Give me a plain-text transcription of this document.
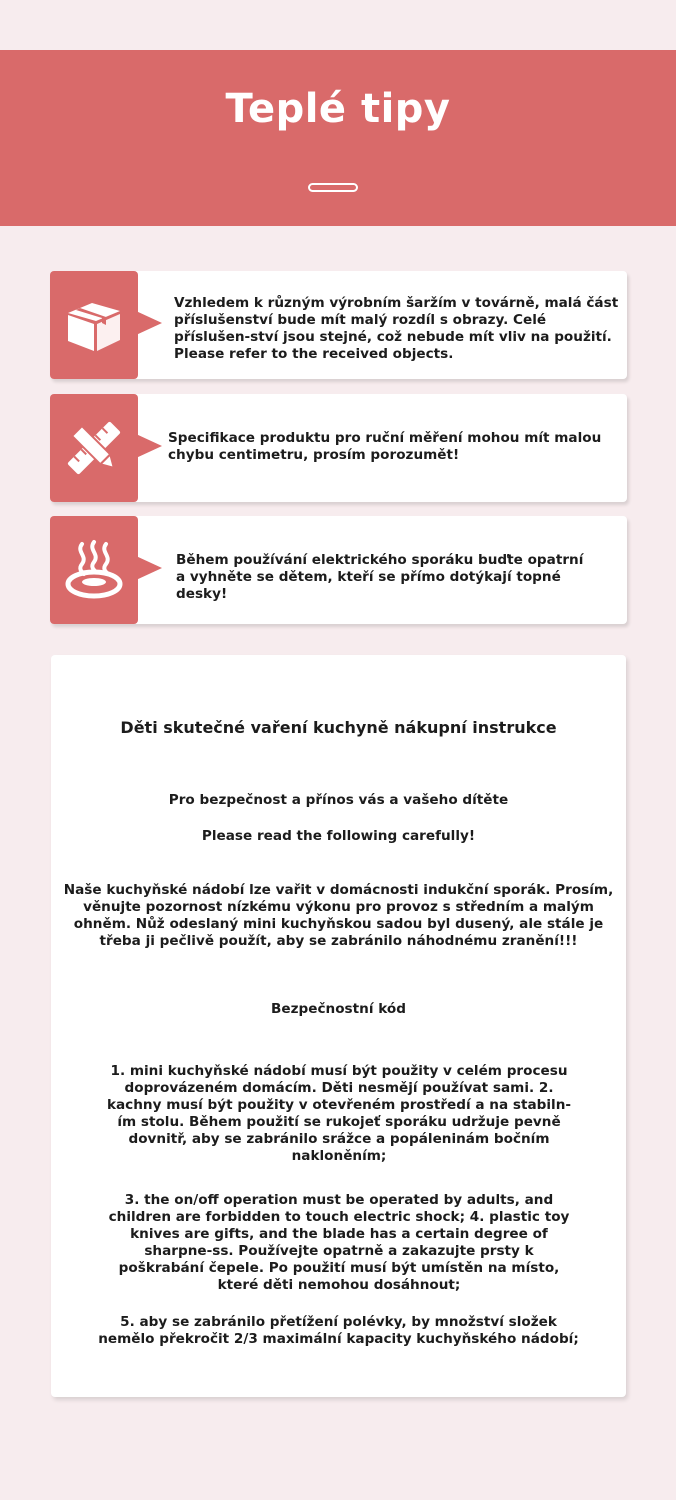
Teplé tipy
Vzhledem k různým výrobním šaržím v továrně, malá část příslušenství bude mít malý rozdíl s obrazy. Celé příslušen-ství jsou stejné, což nebude mít vliv na použití. Please refer to the received objects.
Specifikace produktu pro ruční měření mohou mít malou chybu centimetru, prosím porozumět!
Během používání elektrického sporáku buďte opatrní a vyhněte se dětem, kteří se přímo dotýkají topné desky!
Děti skutečné vaření kuchyně nákupní instrukce
Pro bezpečnost a přínos vás a vašeho dítěte
Please read the following carefully!
Naše kuchyňské nádobí lze vařit v domácnosti indukční sporák. Prosím, věnujte pozornost nízkému výkonu pro provoz s středním a malým ohněm. Nůž odeslaný mini kuchyňskou sadou byl dusený, ale stále je třeba ji pečlivě použít, aby se zabránilo náhodnému zranění!!!
Bezpečnostní kód
1. mini kuchyňské nádobí musí být použity v celém procesu doprovázeném domácím. Děti nesmějí používat sami. 2. kachny musí být použity v otevřeném prostředí a na stabiln-ím stolu. Během použití se rukojeť sporáku udržuje pevně dovnitř, aby se zabránilo srážce a popáleninám bočním nakloněním;
3. the on/off operation must be operated by adults, and children are forbidden to touch electric shock; 4. plastic toy knives are gifts, and the blade has a certain degree of sharpne-ss. Používejte opatrně a zakazujte prsty k poškrabání čepele. Po použití musí být umístěn na místo, které děti nemohou dosáhnout;
5. aby se zabránilo přetížení polévky, by množství složek nemělo překročit 2/3 maximální kapacity kuchyňského nádobí;
